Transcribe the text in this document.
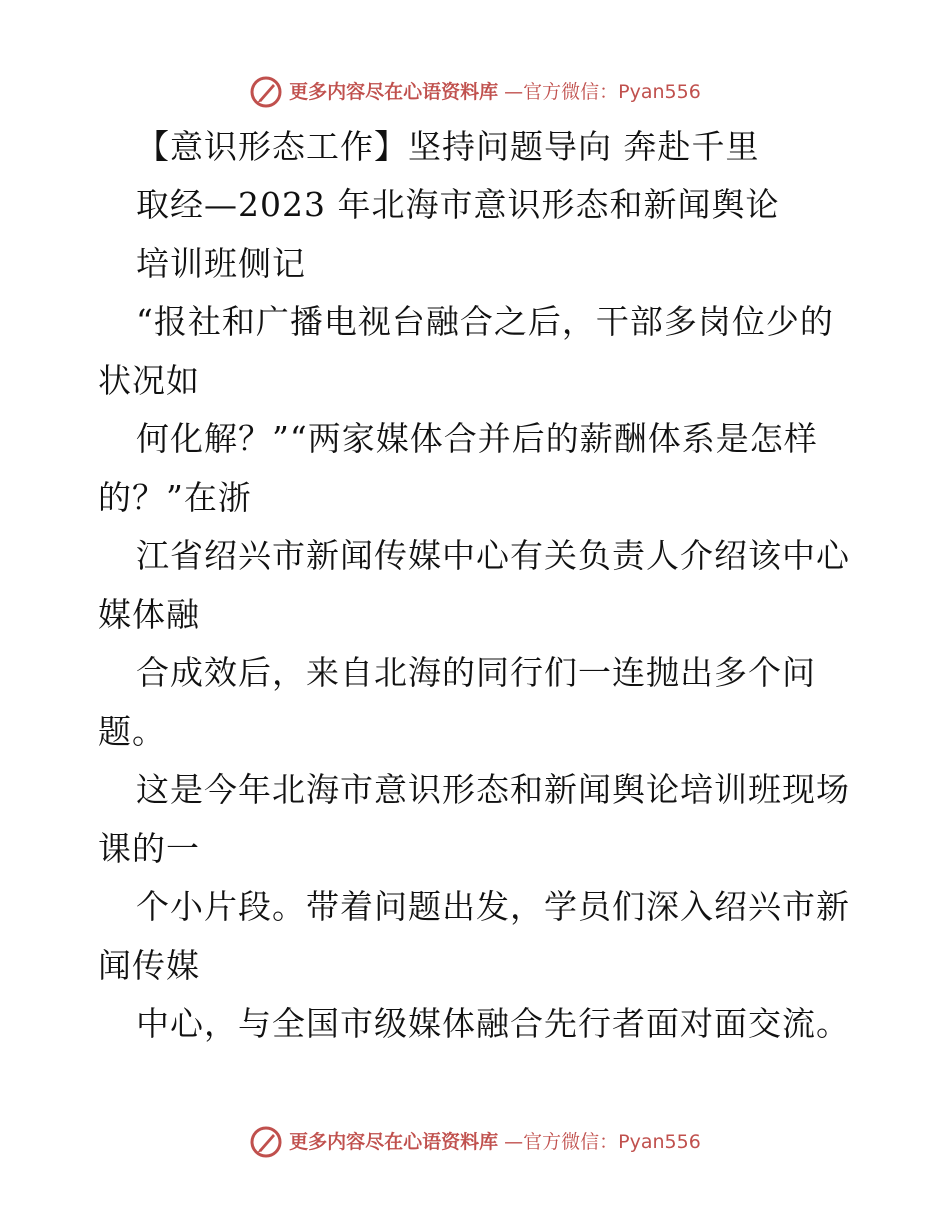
更多内容尽在心语资料库 —官方微信：Pyan556
【意识形态工作】坚持问题导向 奔赴千里
取经—2023 年北海市意识形态和新闻舆论
培训班侧记
“报社和广播电视台融合之后，干部多岗位少的
状况如
何化解？”“两家媒体合并后的薪酬体系是怎样
的？”在浙
江省绍兴市新闻传媒中心有关负责人介绍该中心
媒体融
合成效后，来自北海的同行们一连抛出多个问
题。
这是今年北海市意识形态和新闻舆论培训班现场
课的一
个小片段。带着问题出发，学员们深入绍兴市新
闻传媒
中心，与全国市级媒体融合先行者面对面交流。
更多内容尽在心语资料库 —官方微信：Pyan556
